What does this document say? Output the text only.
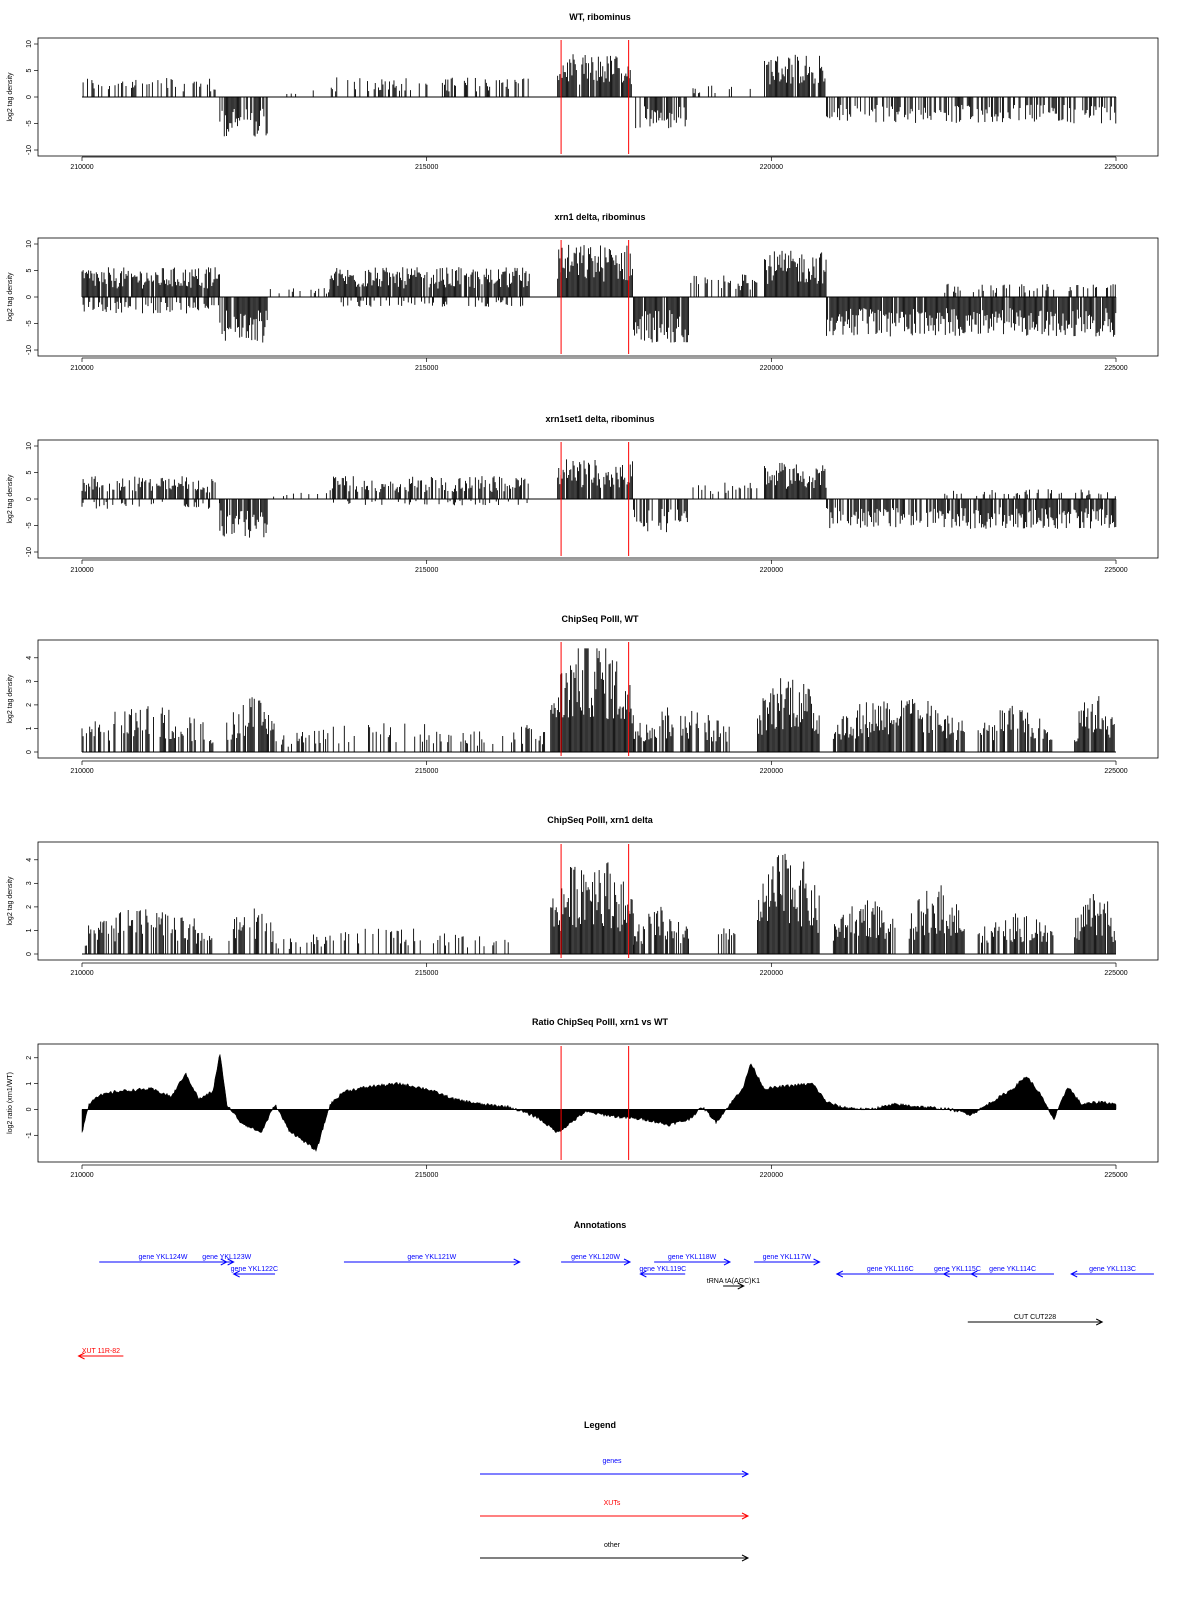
WT, ribominus
-10
-5
0
5
10
log2 tag density
210000	215000	220000	225000
xrn1 delta, ribominus
-10
-5
0
5
10
log2 tag density
210000	215000	220000	225000
xrn1set1 delta, ribominus
-10
-5
0
5
10
log2 tag density
210000	215000	220000	225000
ChipSeq PolII, WT
0
1
2
3
4
log2 tag density
210000	215000	220000	225000
ChipSeq PolII, xrn1 delta
0
1
2
3
4
log2 tag density
210000	215000	220000	225000
Ratio ChipSeq PolII, xrn1 vs WT
-1
0
1
2
log2 ratio (xrn1/WT)
210000	215000	220000	225000
Annotations
gene YKL124W gene YKL123W
gene YKL122C
gene YKL121W	gene YKL120W	gene YKL118W
gene YKL119C
tRNA tA(AGC)K1
gene YKL117W
gene YKL116C	gene YKL115C gene YKL114C	gene YKL113C
CUT CUT228
XUT 11R-82
Legend
genes
XUTs
other
